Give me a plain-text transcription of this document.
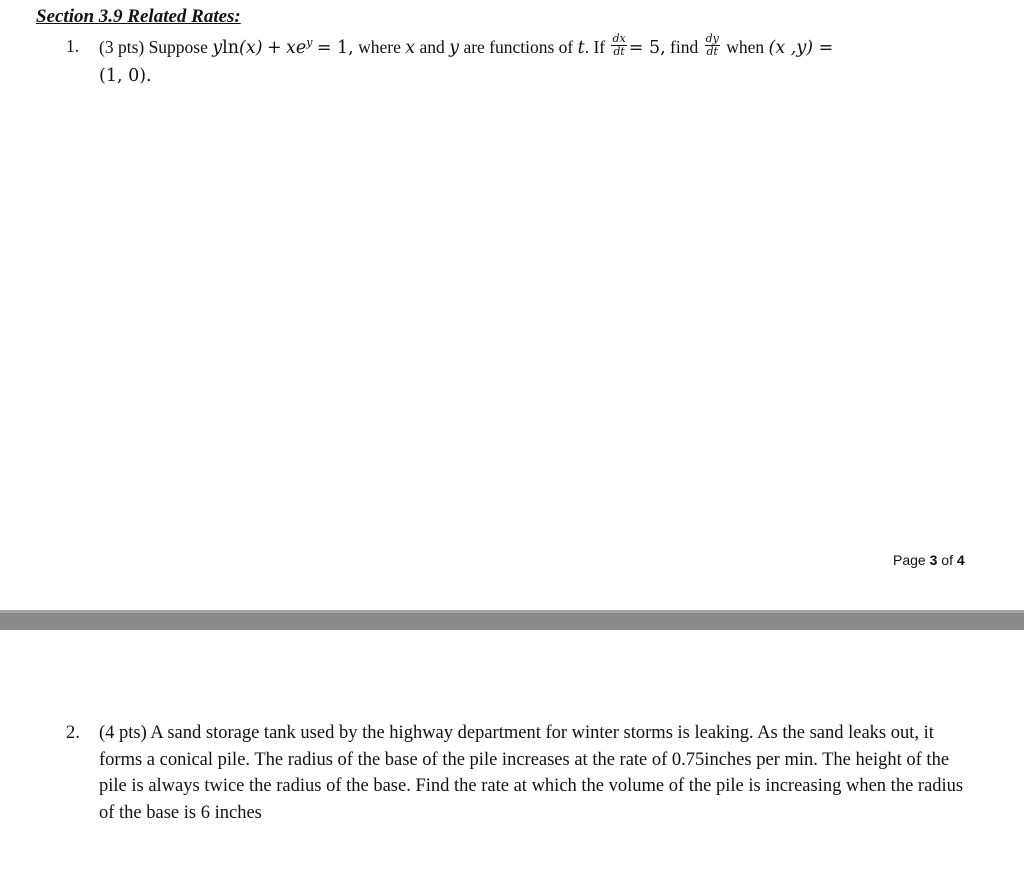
Section 3.9 Related Rates:
1. (3 pts) Suppose $yln(x) + xe^y = 1$, where x and y are functions of t. If $\frac{dx}{dt} = 5$, find $\frac{dy}{dt}$ when (x ,y) =
(1, 0).
Page 3 of 4
2. (4 pts) A sand storage tank used by the highway department for winter storms is leaking. As the sand leaks out, it forms a conical pile. The radius of the base of the pile increases at the rate of 0.75inches per min. The height of the pile is always twice the radius of the base. Find the rate at which the volume of the pile is increasing when the radius of the base is 6 inches
